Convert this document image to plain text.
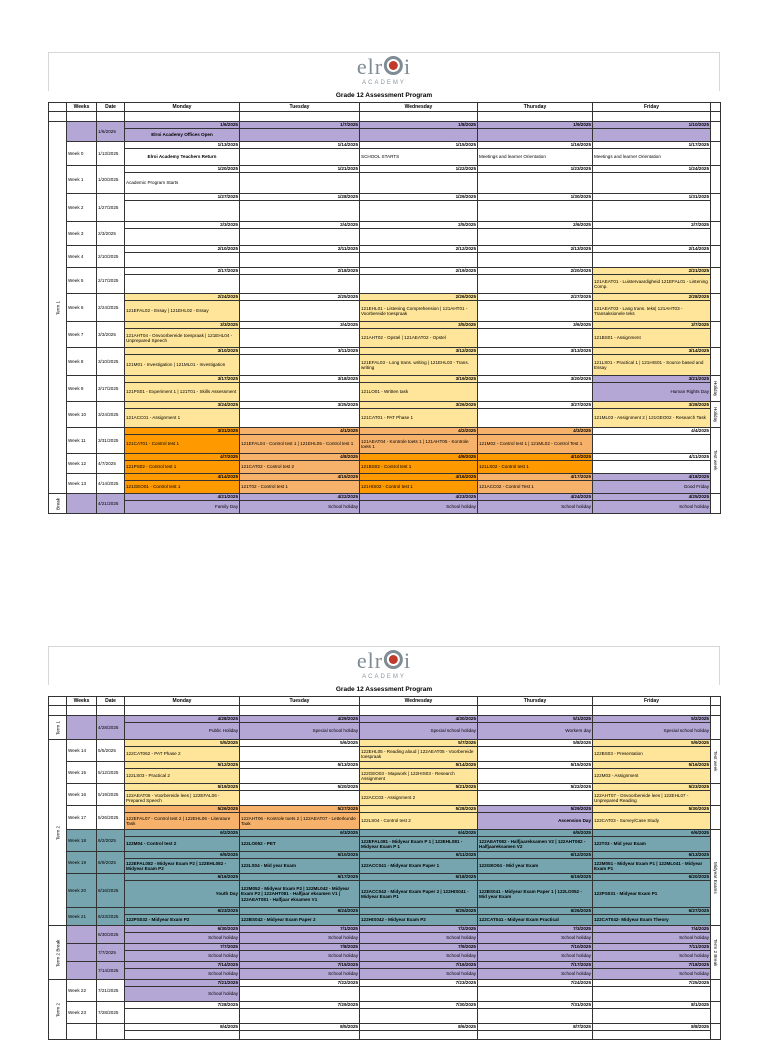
elr i
ACADEMY
Grade 12 Assessment Program
	Weeks	Date	Monday	Tuesday	Wednesday	Thursday	Friday	

Term 1		1/6/2025	1/6/2025	1/7/2025	1/8/2025	1/9/2025	1/10/2025	
			Elroi Academy Offices Open					
	Week 0	1/13/2025	1/13/2025	1/14/2025	1/15/2025	1/16/2025	1/17/2025	
			Elroi Academy Teachers Return		SCHOOL STARTS	Meetings and learner Orientation	Meetings and learner Orientation	
	Week 1	1/20/2025	1/20/2025	1/21/2025	1/22/2025	1/23/2025	1/24/2025	
			Academic Program Starts					
	Week 2	1/27/2025	1/27/2025	1/28/2025	1/29/2025	1/30/2025	1/31/2025	

	Week 3	2/3/2025	2/3/2025	2/4/2025	2/5/2025	2/6/2025	2/7/2025	

	Week 4	2/10/2025	2/10/2025	2/11/2025	2/12/2025	2/13/2025	2/14/2025	

	Week 5	2/17/2025	2/17/2025	2/18/2025	2/19/2025	2/20/2025	2/21/2025	
							121AEAT01 - Luistervaardigheid 121EFAL01 - Listening Comp.	
	Week 6	2/24/2025	2/24/2025	2/25/2025	2/26/2025	2/27/2025	2/28/2025	
			121EFAL02 - Essay | 121EHL02 - Essay		121EHL01 - Listening Comprehension | 121AHT01 - Voorbereide toespraak		121AEAT03 - Lang trans. teks| 121AHT03 - Transaksionele teks	
	Week 7	3/3/2025	3/3/2025	3/4/2025	3/5/2025	3/6/2025	3/7/2025	
			121AHT04 - Onvoorbereide toespraak | 121EHL04 - Unprepared Speech		121AHT02 - Opstel | 121AEAT02 - Opstel		121BS01 - Assignment	
	Week 8	3/10/2025	3/10/2025	3/11/2025	3/12/2025	3/13/2025	3/14/2025	
			121M01 - Investigation | 121ML01 - Investigation		121EFAL03 - Long trans. writing | 121EHL03 - Trans. writing		121LS01 - Practical 1 | 121HIS01 - Source based and Essay	
	Week 9	3/17/2025	3/17/2025	3/18/2025	3/19/2025	3/20/2025	3/21/2025	Holiday
			121PS01 - Experiment 1 | 121T01 - Skills Assessment		121LO01 - Written task		Human Rights Day	
	Week 10	3/24/2025	3/24/2025	3/25/2025	3/26/2025	3/27/2025	3/28/2025	Holiday
			121ACC01 - Assignment 1		121CAT01 - PAT Phase 1		121ML03 - Assignment 2 | 121GEO02 - Research Task	
	Week 11	3/31/2025	3/31/2025	4/1/2025	4/2/2025	4/3/2025	4/4/2025	Test week
			121CAT01 - Control test 1	121EFAL04 - Control test 1 | 121EHL05 - Control test 1	121AEAT04 - Kontrole toets 1 | 121AHT05 - Kontrole toets 1	121M02 - Control test 1 | 121ML02 - Control Test 1		
	Week 12	4/7/2025	4/7/2025	4/8/2025	4/9/2025	4/10/2025	4/11/2025	
			121PS02 - Control test 1	121CAT02 - Control test 2	121BS02 - Control test 1	121LS02 - Control test 1		
	Week 13	4/14/2025	4/14/2025	4/15/2025	4/16/2025	4/17/2025	4/18/2025	
			121GEO01 - Control test 1	121T02 - Control test 1	121HIS02 - Control test 1	121ACC02 - Control Test 1	Good Friday	
Break		4/21/2025	4/21/2025	4/22/2025	4/23/2025	4/24/2025	4/25/2025	
			Family Day	School holiday	School holiday	School holiday	School holiday	
elr i
ACADEMY
Grade 12 Assessment Program
	Weeks	Date	Monday	Tuesday	Wednesday	Thursday	Friday	

Term 1		4/28/2025	4/28/2025	4/29/2025	4/30/2025	5/1/2025	5/2/2025	
			Public Holiday	Special school holiday	Special school holiday	Workers day	Special school holiday	
Term 2	Week 14	5/5/2025	5/5/2025	5/6/2025	5/7/2025	5/8/2025	5/9/2025	Test week
			122CAT062 - PAT Phase 2		122EHL05 - Reading aloud | 122AEAT05 - Voorbereide toespraak		122BS03 - Presentation	
	Week 15	5/12/2025	5/12/2025	5/13/2025	5/14/2025	5/15/2025	5/16/2025	
			122LS03 - Practical 2		122GEO03 - Mapwork | 122HIS03 - Research Assignment		122M03 - Assignment	
	Week 16	5/19/2025	5/19/2025	5/20/2025	5/21/2025	5/22/2025	5/23/2025	
			122AEAT06 - Voorbereide lees | 122EFAL06 - Prepared Speech		122ACC03 - Assignment 2		122AHT07 - Onvoorbereide lees | 122EHL07 - Unprepared Reading	
	Week 17	5/26/2025	5/26/2025	5/27/2025	5/28/2025	5/29/2025	5/30/2025	
			122EFAL07 - Control test 2 | 122EHL06 - Literature Task	122AHT06 - Kontrole toets 2 | 122AEAT07 - Letterkunde Taak	122LS04 - Control test 2	Ascension Day	122CAT03 - Survey/Case Study	
	Week 18	6/2/2025	6/2/2025	6/3/2025	6/4/2025	6/5/2025	6/6/2025	Midyear Exams
			122M04 - Control test 2	122LO052 - PET	122EFAL081 - Midyear Exam P 1 | 122EHL081 - Midyear Exam P 1	122AEAT082 - Halfjaareksamen V2 | 122AHT082 - Halfjaareksamen V2	122T03 - Mid year Exam	
	Week 19	6/9/2025	6/9/2025	6/10/2025	6/11/2025	6/12/2025	6/13/2025	
			122EFAL082 - Midyear Exam P2 | 122EHL082 - Midyear Exam P2	122LS04 - Mid year Exam	122ACC041 - Midyear Exam Paper 1	122GEO04 - Mid year Exam	122M051 - Midyear Exam P1 | 122ML041 - Midyear Exam P1	
	Week 20	6/16/2025	6/16/2025	6/17/2025	6/18/2025	6/19/2025	6/20/2025	
			Youth Day	122M052 - Midyear Exam P2 | 122ML042 - Midyear Exam P2 | 122AHT081 - Halfjaar eksamen V1 | 122AEAT081 - Halfjaar eksamen V1	122ACC042 - Midyear Exam Paper 2 | 122HIS041 - Midyear Exam P1	122BS041 - Midyear Exam Paper 1 | 122LO052 - Mid year Exam	122PS031 - Midyear Exam P1	
	Week 21	6/23/2025	6/23/2025	6/24/2025	6/25/2025	6/26/2025	6/27/2025	
			122PS032 - Midyear Exam P2	122BS042 - Midyear Exam Paper 2	122HIS042 - Midyear Exam P2	122CAT041 - Midyear Exam Practical	122CAT042- Midyear Exam Theory	
Term 2 Break		6/30/2025	6/30/2025	7/1/2025	7/2/2025	7/3/2025	7/4/2025	Term 2 Break
			School holiday	School holiday	School holiday	School holiday	School holiday	
		7/7/2025	7/7/2025	7/8/2025	7/9/2025	7/10/2025	7/11/2025	
			School holiday	School holiday	School holiday	School holiday	School holiday	
		7/14/2025	7/14/2025	7/15/2025	7/16/2025	7/17/2025	7/18/2025	
			School holiday	School holiday	School holiday	School holiday	School holiday	
Term 2	Week 22	7/21/2025	7/21/2025	7/22/2025	7/23/2025	7/24/2025	7/25/2025	
			School holiday					
	Week 23	7/28/2025	7/28/2025	7/29/2025	7/30/2025	7/31/2025	8/1/2025	

			8/4/2025	8/5/2025	8/6/2025	8/7/2025	8/8/2025	
